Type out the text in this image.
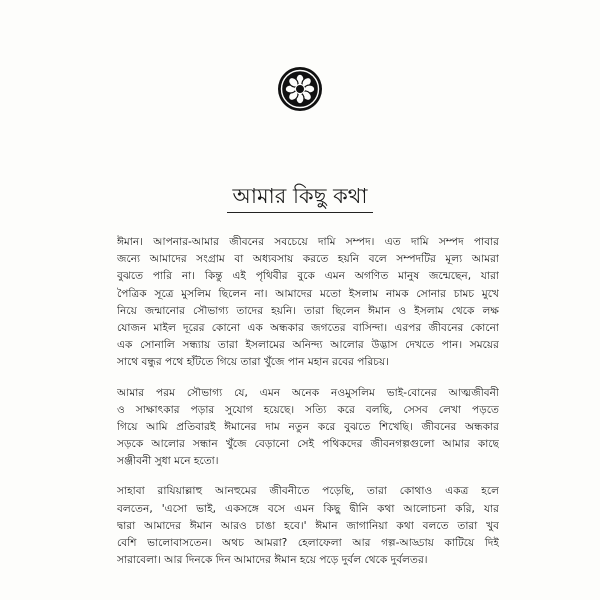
আমার কিছু কথা
ঈমান। আপনার-আমার জীবনের সবচেয়ে দামি সম্পদ। এত দামি সম্পদ পাবার
জন্যে আমাদের সংগ্রাম বা অধ্যবসায় করতে হয়নি বলে সম্পদটির মূল্য আমরা
বুঝতে পারি না। কিন্তু এই পৃথিবীর বুকে এমন অগণিত মানুষ জন্মেছেন, যারা
পৈত্রিক সূত্রে মুসলিম ছিলেন না। আমাদের মতো ইসলাম নামক সোনার চামচ মুখে
নিয়ে জন্মানোর সৌভাগ্য তাদের হয়নি। তারা ছিলেন ঈমান ও ইসলাম থেকে লক্ষ
যোজন মাইল দূরের কোনো এক অন্ধকার জগতের বাসিন্দা। এরপর জীবনের কোনো
এক সোনালি সন্ধ্যায় তারা ইসলামের অনিন্দ্য আলোর উদ্ভাস দেখতে পান। সময়ের
সাথে বন্ধুর পথে হাঁটতে গিয়ে তারা খুঁজে পান মহান রবের পরিচয়।
আমার পরম সৌভাগ্য যে, এমন অনেক নওমুসলিম ভাই-বোনের আত্মজীবনী
ও সাক্ষাৎকার পড়ার সুযোগ হয়েছে। সত্যি করে বলছি, সেসব লেখা পড়তে
গিয়ে আমি প্রতিবারই ঈমানের দাম নতুন করে বুঝতে শিখেছি। জীবনের অন্ধকার
সড়কে আলোর সন্ধান খুঁজে বেড়ানো সেই পথিকদের জীবনগল্পগুলো আমার কাছে
সঞ্জীবনী সুধা মনে হতো।
সাহাবা রাযিয়াল্লাহু আনহুমের জীবনীতে পড়েছি, তারা কোথাও একত্র হলে
বলতেন, 'এসো ভাই, একসঙ্গে বসে এমন কিছু দ্বীনি কথা আলোচনা করি, যার
দ্বারা আমাদের ঈমান আরও চাঙা হবে।' ঈমান জাগানিয়া কথা বলতে তারা খুব
বেশি ভালোবাসতেন। অথচ আমরা? হেলাফেলা আর গল্প-আড্ডায় কাটিয়ে দিই
সারাবেলা। আর দিনকে দিন আমাদের ঈমান হয়ে পড়ে দুর্বল থেকে দুর্বলতর।
